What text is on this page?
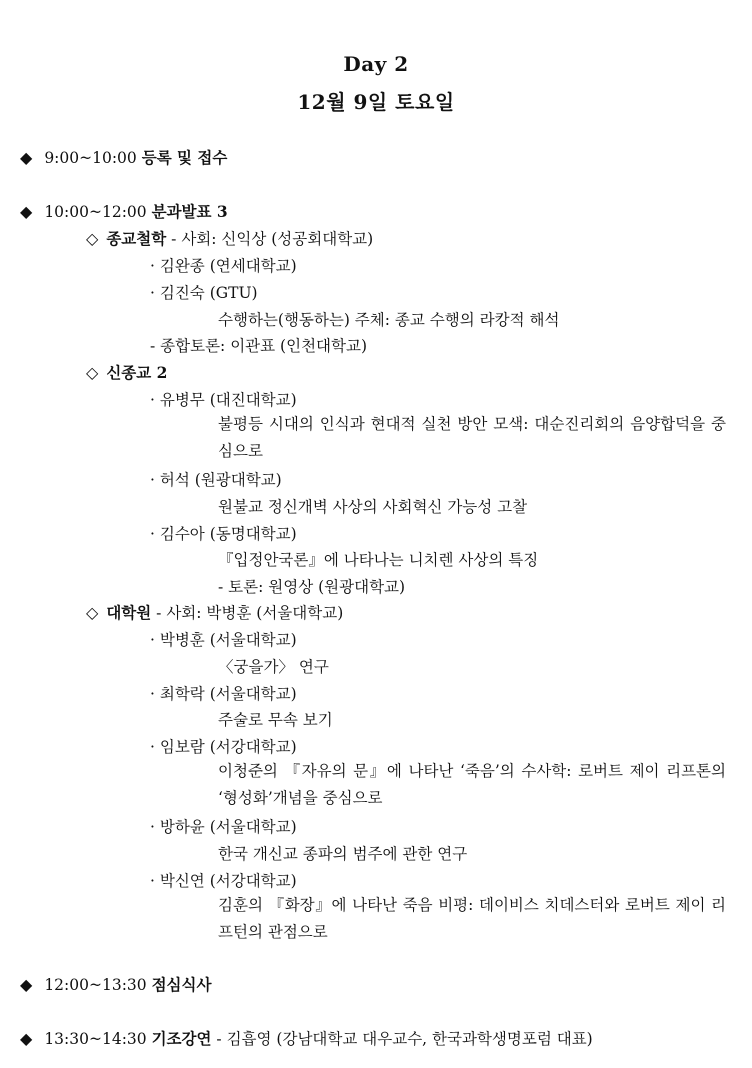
Day 2
12월 9일 토요일
◆ 9:00~10:00 등록 및 접수
◆ 10:00~12:00 분과발표 3
◇ 종교철학 - 사회: 신익상 (성공회대학교)
· 김완종 (연세대학교)
· 김진숙 (GTU)
수행하는(행동하는) 주체: 종교 수행의 라캉적 해석
- 종합토론: 이관표 (인천대학교)
◇ 신종교 2
· 유병무 (대진대학교)
불평등 시대의 인식과 현대적 실천 방안 모색: 대순진리회의 음양합덕을 중심으로
· 허석 (원광대학교)
원불교 정신개벽 사상의 사회혁신 가능성 고찰
· 김수아 (동명대학교)
『입정안국론』에 나타나는 니치렌 사상의 특징
- 토론: 원영상 (원광대학교)
◇ 대학원 - 사회: 박병훈 (서울대학교)
· 박병훈 (서울대학교)
〈궁을가〉 연구
· 최학락 (서울대학교)
주술로 무속 보기
· 임보람 (서강대학교)
이청준의 『자유의 문』에 나타난 ‘죽음’의 수사학: 로버트 제이 리프톤의 ‘형성화’개념을 중심으로
· 방하윤 (서울대학교)
한국 개신교 종파의 범주에 관한 연구
· 박신연 (서강대학교)
김훈의 『화장』에 나타난 죽음 비평: 데이비스 치데스터와 로버트 제이 리프턴의 관점으로
◆ 12:00~13:30 점심식사
◆ 13:30~14:30 기조강연 - 김흡영 (강남대학교 대우교수, 한국과학생명포럼 대표)
